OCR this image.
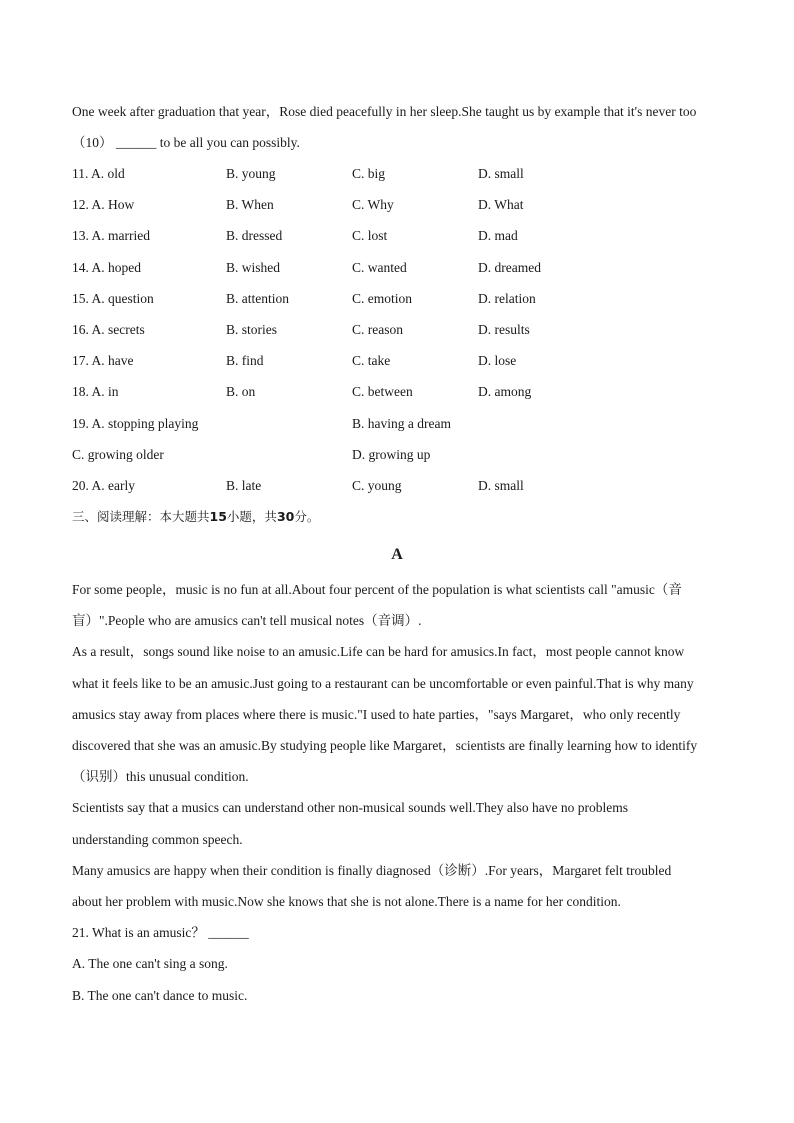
One week after graduation that year，Rose died peacefully in her sleep.She taught us by example that it's never too
（10） ______ to be all you can possibly.
11. A. old	B. young	C. big	D. small
12. A. How	B. When	C. Why	D. What
13. A. married	B. dressed	C. lost	D. mad
14. A. hoped	B. wished	C. wanted	D. dreamed
15. A. question	B. attention	C. emotion	D. relation
16. A. secrets	B. stories	C. reason	D. results
17. A. have	B. find	C. take	D. lose
18. A. in	B. on	C. between	D. among
19. A. stopping playing	B. having a dream
C. growing older	D. growing up
20. A. early	B. late	C. young	D. small
三、阅读理解：本大题共15小题，共30分。
A
For some people，music is no fun at all.About four percent of the population is what scientists call "amusic（音
盲）".People who are amusics can't tell musical notes（音调）.
As a result，songs sound like noise to an amusic.Life can be hard for amusics.In fact，most people cannot know
what it feels like to be an amusic.Just going to a restaurant can be uncomfortable or even painful.That is why many
amusics stay away from places where there is music."I used to hate parties，"says Margaret，who only recently
discovered that she was an amusic.By studying people like Margaret，scientists are finally learning how to identify
（识别）this unusual condition.
Scientists say that a musics can understand other non-musical sounds well.They also have no problems
understanding common speech.
Many amusics are happy when their condition is finally diagnosed（诊断）.For years，Margaret felt troubled
about her problem with music.Now she knows that she is not alone.There is a name for her condition.
21. What is an amusic？ ______
A. The one can't sing a song.
B. The one can't dance to music.
